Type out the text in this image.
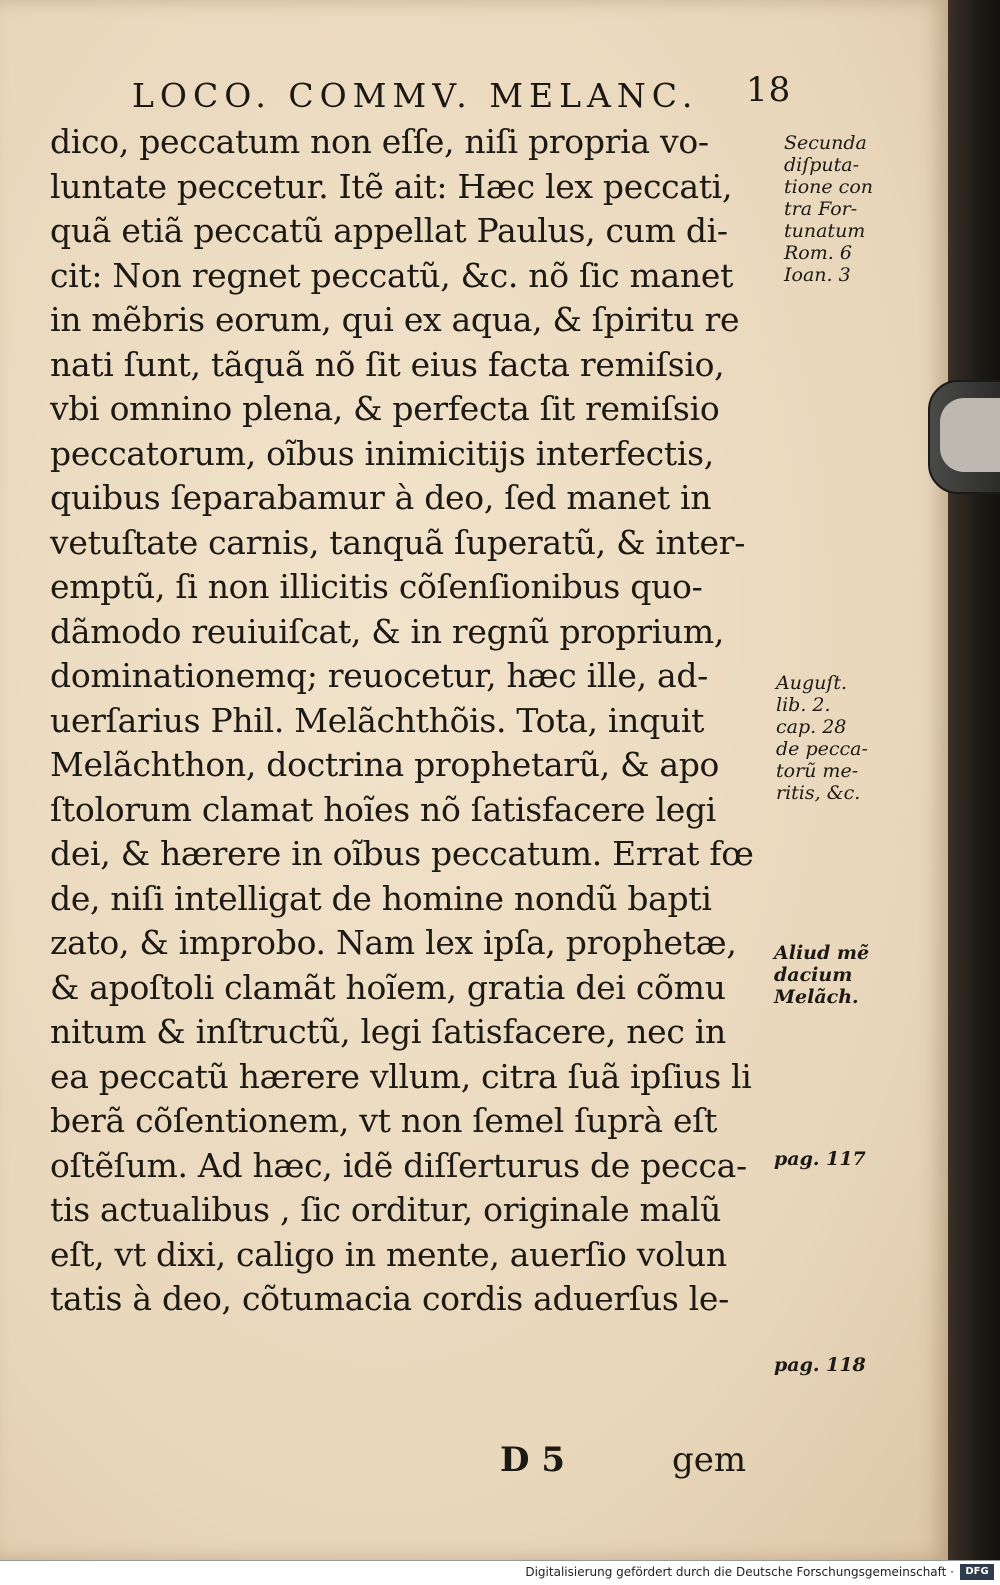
LOCO. COMMV. MELANC. 18
dico, peccatum non eſſe, niſi propria vo-
luntate peccetur. Itẽ ait: Hæc lex peccati,
quã etiã peccatũ appellat Paulus, cum di-
cit: Non regnet peccatũ, &c. nõ ſic manet
in mẽbris eorum, qui ex aqua, & ſpiritu re
nati ſunt, tãquã nõ ſit eius facta remiſsio,
vbi omnino plena, & perfecta ſit remiſsio
peccatorum, oĩbus inimicitijs interfectis,
quibus ſeparabamur à deo, ſed manet in
vetuſtate carnis, tanquã ſuperatũ, & inter-
emptũ, ſi non illicitis cõſenſionibus quo-
dãmodo reuiuiſcat, & in regnũ proprium,
dominationemq; reuocetur, hæc ille, ad-
uerſarius Phil. Melãchthõis. Tota, inquit
Melãchthon, doctrina prophetarũ, & apo
ſtolorum clamat hoĩes nõ ſatisfacere legi
dei, & hærere in oĩbus peccatum. Errat fœ
de, niſi intelligat de homine nondũ bapti
zato, & improbo. Nam lex ipſa, prophetæ,
& apoſtoli clamãt hoĩem, gratia dei cõmu
nitum & inſtructũ, legi ſatisfacere, nec in
ea peccatũ hærere vllum, citra ſuã ipſius li
berã cõſentionem, vt non ſemel ſuprà eſt
oſtẽſum. Ad hæc, idẽ diſſerturus de pecca-
tis actualibus , ſic orditur, originale malũ
eſt, vt dixi, caligo in mente, auerſio volun
tatis à deo, cõtumacia cordis aduerſus le-
Secunda
diſputa-
tione con
tra For-
tunatum
Rom. 6
Ioan. 3
Auguſt.
lib. 2.
cap. 28
de pecca-
torũ me-
ritis, &c.
Aliud mẽ
dacium
Melãch.
pag. 117
pag. 118
D 5	gem
Digitalisierung gefördert durch die Deutsche Forschungsgemeinschaft ·	DFG
